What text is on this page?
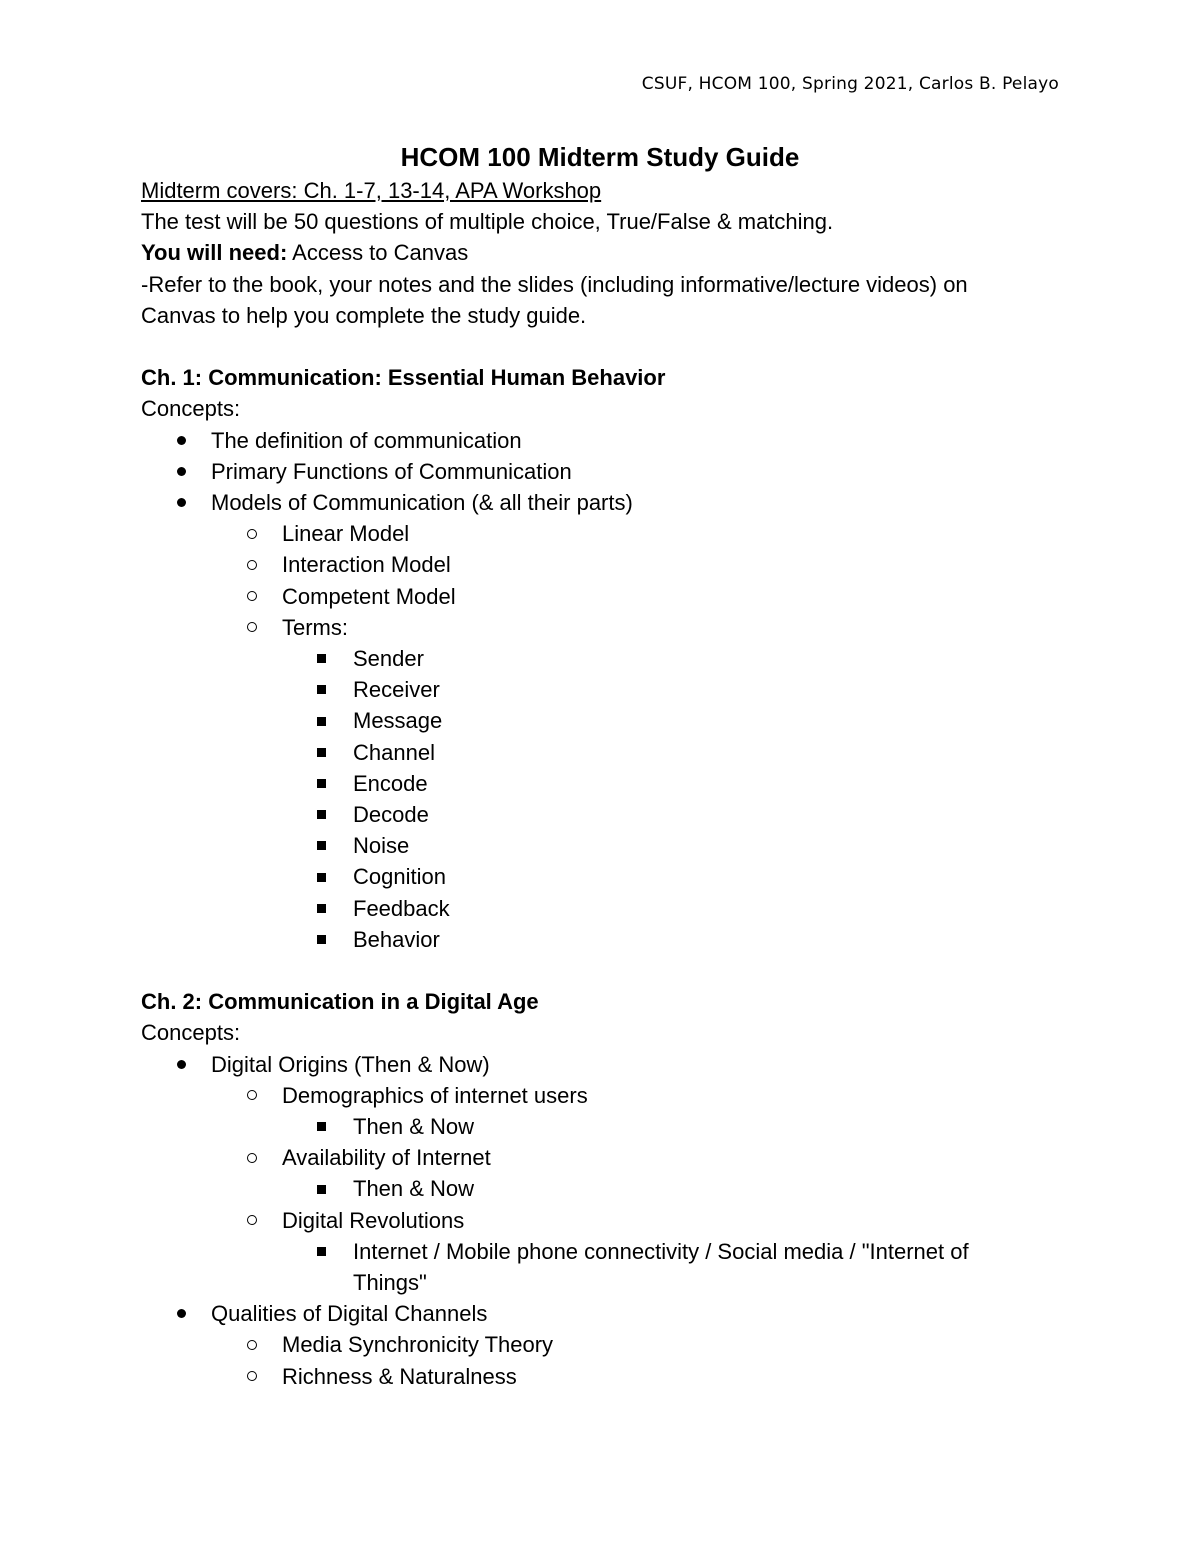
CSUF, HCOM 100, Spring 2021, Carlos B. Pelayo
HCOM 100 Midterm Study Guide

Midterm covers: Ch. 1-7, 13-14, APA Workshop

The test will be 50 questions of multiple choice, True/False & matching.

You will need: Access to Canvas

-Refer to the book, your notes and the slides (including informative/lecture videos) on

Canvas to help you complete the study guide.

Ch. 1: Communication: Essential Human Behavior

Concepts:

The definition of communication
Primary Functions of Communication
Models of Communication (& all their parts)
Linear Model
Interaction Model
Competent Model
Terms:
Sender
Receiver
Message
Channel
Encode
Decode
Noise
Cognition
Feedback
Behavior

Ch. 2: Communication in a Digital Age

Concepts:

Digital Origins (Then & Now)
Demographics of internet users
Then & Now
Availability of Internet
Then & Now
Digital Revolutions
Internet / Mobile phone connectivity / Social media / "Internet of
Things"
Qualities of Digital Channels
Media Synchronicity Theory
Richness & Naturalness
